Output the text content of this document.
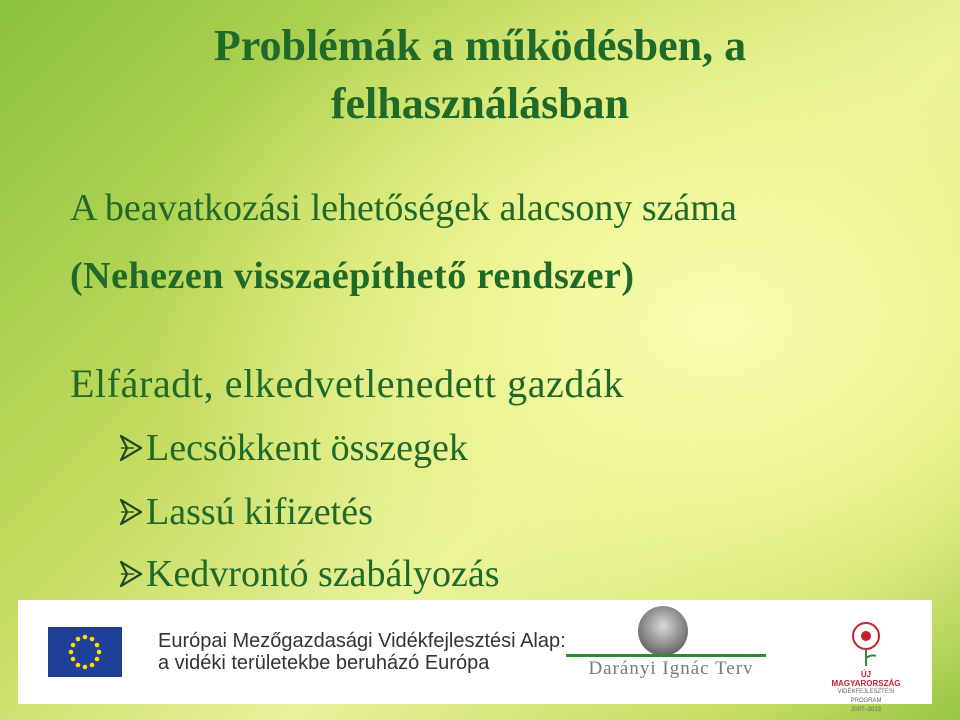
Problémák a működésben, a
felhasználásban

A beavatkozási lehetőségek alacsony száma

(Nehezen visszaépíthető rendszer)

Elfáradt, elkedvetlenedett gazdák

Lecsökkent összegek
Lassú kifizetés
Kedvrontó szabályozás
Európai Mezőgazdasági Vidékfejlesztési Alap:
a vidéki területekbe beruházó Európa	Darányi Ignác Terv	ÚJ MAGYARORSZÁG
VIDÉKFEJLESZTÉSI PROGRAM
2007–2013
